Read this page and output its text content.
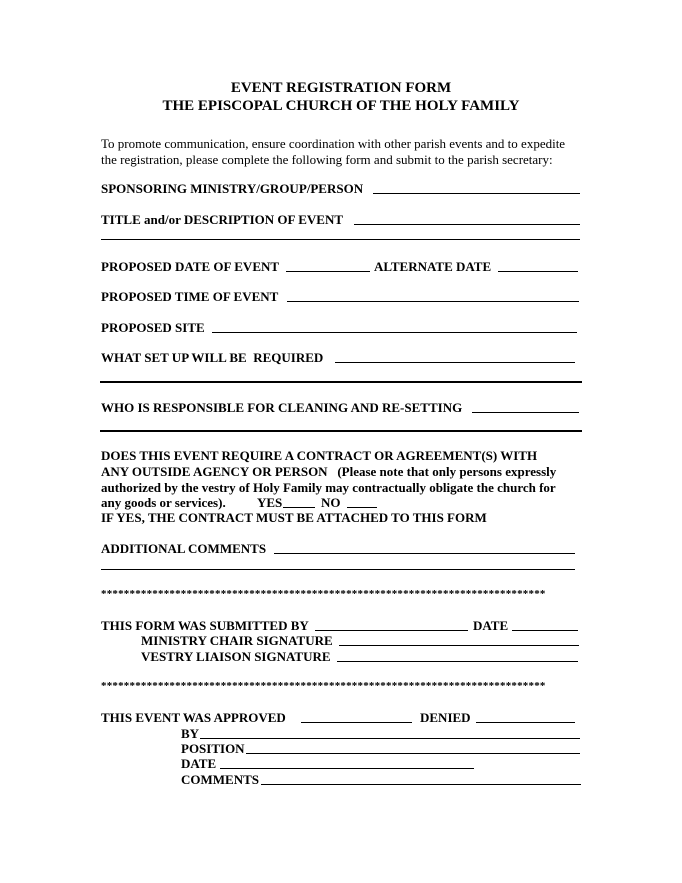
EVENT REGISTRATION FORM
THE EPISCOPAL CHURCH OF THE HOLY FAMILY
To promote communication, ensure coordination with other parish events and to expedite
the registration, please complete the following form and submit to the parish secretary:
SPONSORING MINISTRY/GROUP/PERSON
TITLE and/or DESCRIPTION OF EVENT
PROPOSED DATE OF EVENT	ALTERNATE DATE
PROPOSED TIME OF EVENT
PROPOSED SITE
WHAT SET UP WILL BE  REQUIRED
WHO IS RESPONSIBLE FOR CLEANING AND RE-SETTING
DOES THIS EVENT REQUIRE A CONTRACT OR AGREEMENT(S) WITH
ANY OUTSIDE AGENCY OR PERSON   (Please note that only persons expressly
authorized by the vestry of Holy Family may contractually obligate the church for
any goods or services). YES	NO
IF YES, THE CONTRACT MUST BE ATTACHED TO THIS FORM
ADDITIONAL COMMENTS
******************************************************************************
THIS FORM WAS SUBMITTED BY	DATE
MINISTRY CHAIR SIGNATURE
VESTRY LIAISON SIGNATURE
******************************************************************************
THIS EVENT WAS APPROVED	DENIED
BY
POSITION
DATE
COMMENTS
